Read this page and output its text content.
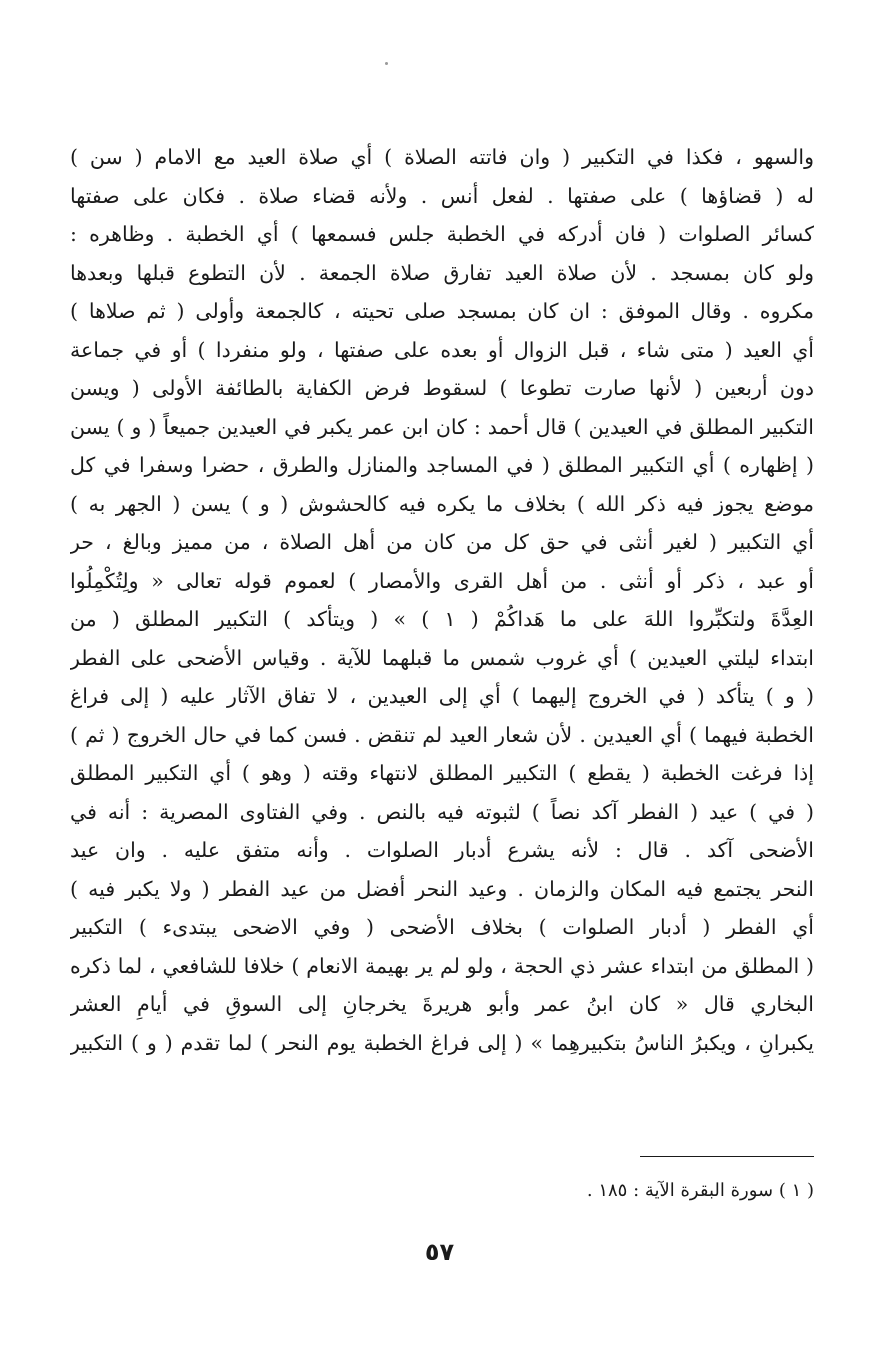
والسهو ، فكذا في التكبير ( وان فاتته الصلاة ) أي صلاة العيد مع الامام ( سن )
له ( قضاؤها ) على صفتها . لفعل أنس . ولأنه قضاء صلاة . فكان على صفتها
كسائر الصلوات ( فان أدركه في الخطبة جلس فسمعها ) أي الخطبة . وظاهره :
ولو كان بمسجد . لأن صلاة العيد تفارق صلاة الجمعة . لأن التطوع قبلها وبعدها
مكروه . وقال الموفق : ان كان بمسجد صلى تحيته ، كالجمعة وأولى ( ثم صلاها )
أي العيد ( متى شاء ، قبل الزوال أو بعده على صفتها ، ولو منفردا ) أو في جماعة
دون أربعين ( لأنها صارت تطوعا ) لسقوط فرض الكفاية بالطائفة الأولى ( ويسن
التكبير المطلق في العيدين ) قال أحمد : كان ابن عمر يكبر في العيدين جميعاً ( و ) يسن
( إظهاره ) أي التكبير المطلق ( في المساجد والمنازل والطرق ، حضرا وسفرا في كل
موضع يجوز فيه ذكر الله ) بخلاف ما يكره فيه كالحشوش ( و ) يسن ( الجهر به )
أي التكبير ( لغير أنثى في حق كل من كان من أهل الصلاة ، من مميز وبالغ ، حر
أو عبد ، ذكر أو أنثى . من أهل القرى والأمصار ) لعموم قوله تعالى « ولِتُكْمِلُوا
العِدَّةَ ولتكبِّروا اللهَ على ما هَداكُمْ ( ١ ) » ( ويتأكد ) التكبير المطلق ( من
ابتداء ليلتي العيدين ) أي غروب شمس ما قبلهما للآية . وقياس الأضحى على الفطر
( و ) يتأكد ( في الخروج إليهما ) أي إلى العيدين ، لا تفاق الآثار عليه ( إلى فراغ
الخطبة فيهما ) أي العيدين . لأن شعار العيد لم تنقض . فسن كما في حال الخروج ( ثم )
إذا فرغت الخطبة ( يقطع ) التكبير المطلق لانتهاء وقته ( وهو ) أي التكبير المطلق
( في ) عيد ( الفطر آكد نصاً ) لثبوته فيه بالنص . وفي الفتاوى المصرية : أنه في
الأضحى آكد . قال : لأنه يشرع أدبار الصلوات . وأنه متفق عليه . وان عيد
النحر يجتمع فيه المكان والزمان . وعيد النحر أفضل من عيد الفطر ( ولا يكبر فيه )
أي الفطر ( أدبار الصلوات ) بخلاف الأضحى ( وفي الاضحى يبتدىء ) التكبير
( المطلق من ابتداء عشر ذي الحجة ، ولو لم ير بهيمة الانعام ) خلافا للشافعي ، لما ذكره
البخاري قال « كان ابنُ عمر وأبو هريرةَ يخرجانِ إلى السوقِ في أيامِ العشر
يكبرانِ ، ويكبرُ الناسُ بتكبيرهِما » ( إلى فراغ الخطبة يوم النحر ) لما تقدم ( و ) التكبير
( ١ ) سورة البقرة الآية : ١٨٥ .
٥٧
